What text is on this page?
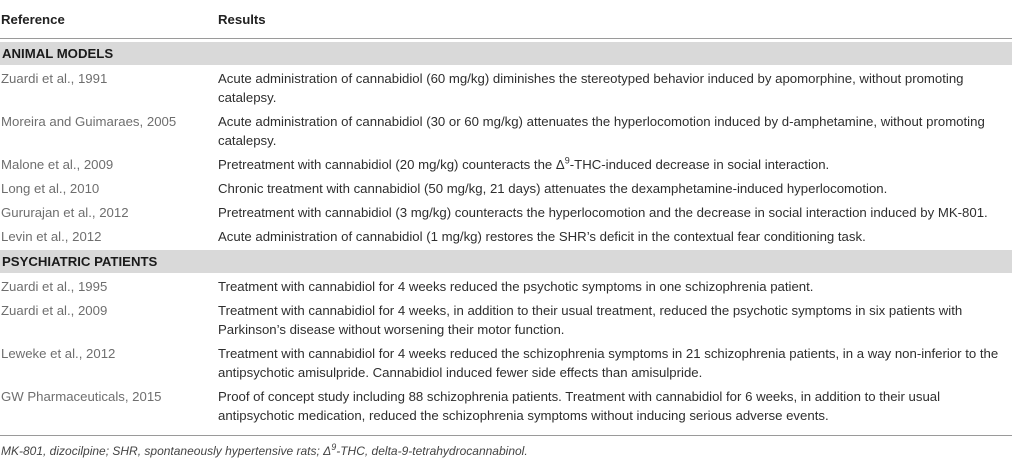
Reference	Results

ANIMAL MODELS	

Zuardi et al., 1991	Acute administration of cannabidiol (60 mg/kg) diminishes the stereotyped behavior induced by apomorphine, without promoting catalepsy.
Moreira and Guimaraes, 2005	Acute administration of cannabidiol (30 or 60 mg/kg) attenuates the hyperlocomotion induced by d-amphetamine, without promoting catalepsy.
Malone et al., 2009	Pretreatment with cannabidiol (20 mg/kg) counteracts the $\Delta^9-THC$-induced decrease in social interaction.
Long et al., 2010	Chronic treatment with cannabidiol (50 mg/kg, 21 days) attenuates the dexamphetamine-induced hyperlocomotion.
Gururajan et al., 2012	Pretreatment with cannabidiol (3 mg/kg) counteracts the hyperlocomotion and the decrease in social interaction induced by MK-801.
Levin et al., 2012	Acute administration of cannabidiol (1 mg/kg) restores the SHR’s deficit in the contextual fear conditioning task.
PSYCHIATRIC PATIENTS	

Zuardi et al., 1995	Treatment with cannabidiol for 4 weeks reduced the psychotic symptoms in one schizophrenia patient.
Zuardi et al., 2009	Treatment with cannabidiol for 4 weeks, in addition to their usual treatment, reduced the psychotic symptoms in six patients with Parkinson’s disease without worsening their motor function.
Leweke et al., 2012	Treatment with cannabidiol for 4 weeks reduced the schizophrenia symptoms in 21 schizophrenia patients, in a way non-inferior to the antipsychotic amisulpride. Cannabidiol induced fewer side effects than amisulpride.
GW Pharmaceuticals, 2015	Proof of concept study including 88 schizophrenia patients. Treatment with cannabidiol for 6 weeks, in addition to their usual antipsychotic medication, reduced the schizophrenia symptoms without inducing serious adverse events.
MK-801, dizocilpine; SHR, spontaneously hypertensive rats; $\Delta^9$-THC, delta-9-tetrahydrocannabinol.
